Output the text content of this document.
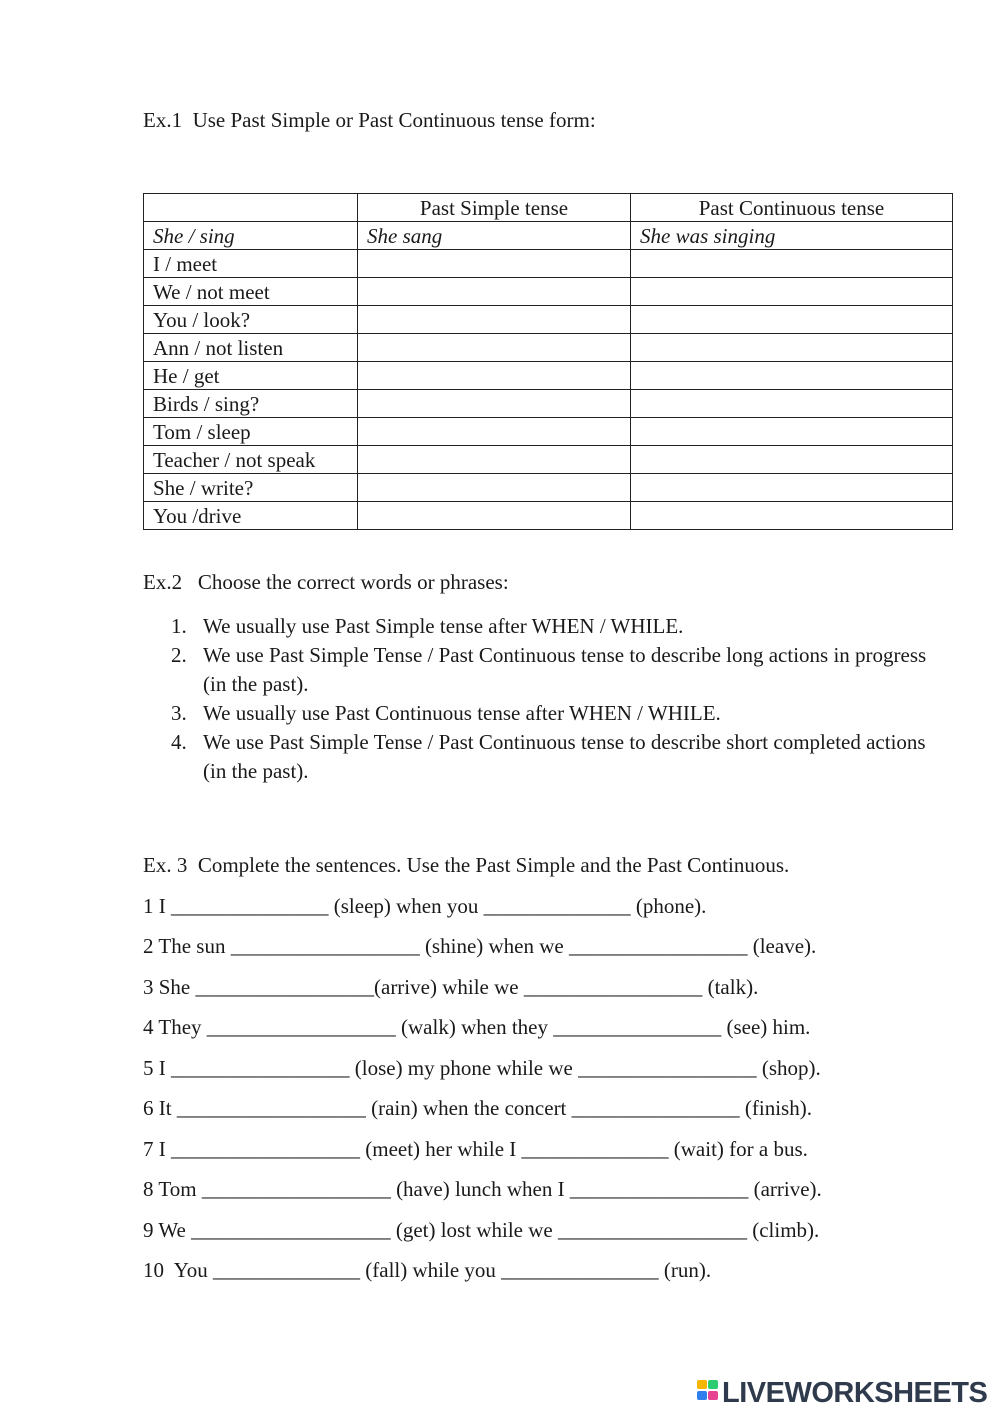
Ex.1  Use Past Simple or Past Continuous tense form:
	Past Simple tense	Past Continuous tense
She / sing	She sang	She was singing
I / meet		
We / not meet		
You / look?		
Ann / not listen		
He / get		
Birds / sing?		
Tom / sleep		
Teacher / not speak		
She / write?		
You /drive		
Ex.2   Choose the correct words or phrases:
1. We usually use Past Simple tense after WHEN / WHILE.
2. We use Past Simple Tense / Past Continuous tense to describe long actions in progress (in the past).
3. We usually use Past Continuous tense after WHEN / WHILE.
4. We use Past Simple Tense / Past Continuous tense to describe short completed actions (in the past).
Ex. 3  Complete the sentences. Use the Past Simple and the Past Continuous.
1 I _______________ (sleep) when you ______________ (phone).
2 The sun __________________ (shine) when we _________________ (leave).
3 She _________________(arrive) while we _________________ (talk).
4 They __________________ (walk) when they ________________ (see) him.
5 I _________________ (lose) my phone while we _________________ (shop).
6 It __________________ (rain) when the concert ________________ (finish).
7 I __________________ (meet) her while I ______________ (wait) for a bus.
8 Tom __________________ (have) lunch when I _________________ (arrive).
9 We ___________________ (get) lost while we __________________ (climb).
10  You ______________ (fall) while you _______________ (run).
LIVEWORKSHEETS
